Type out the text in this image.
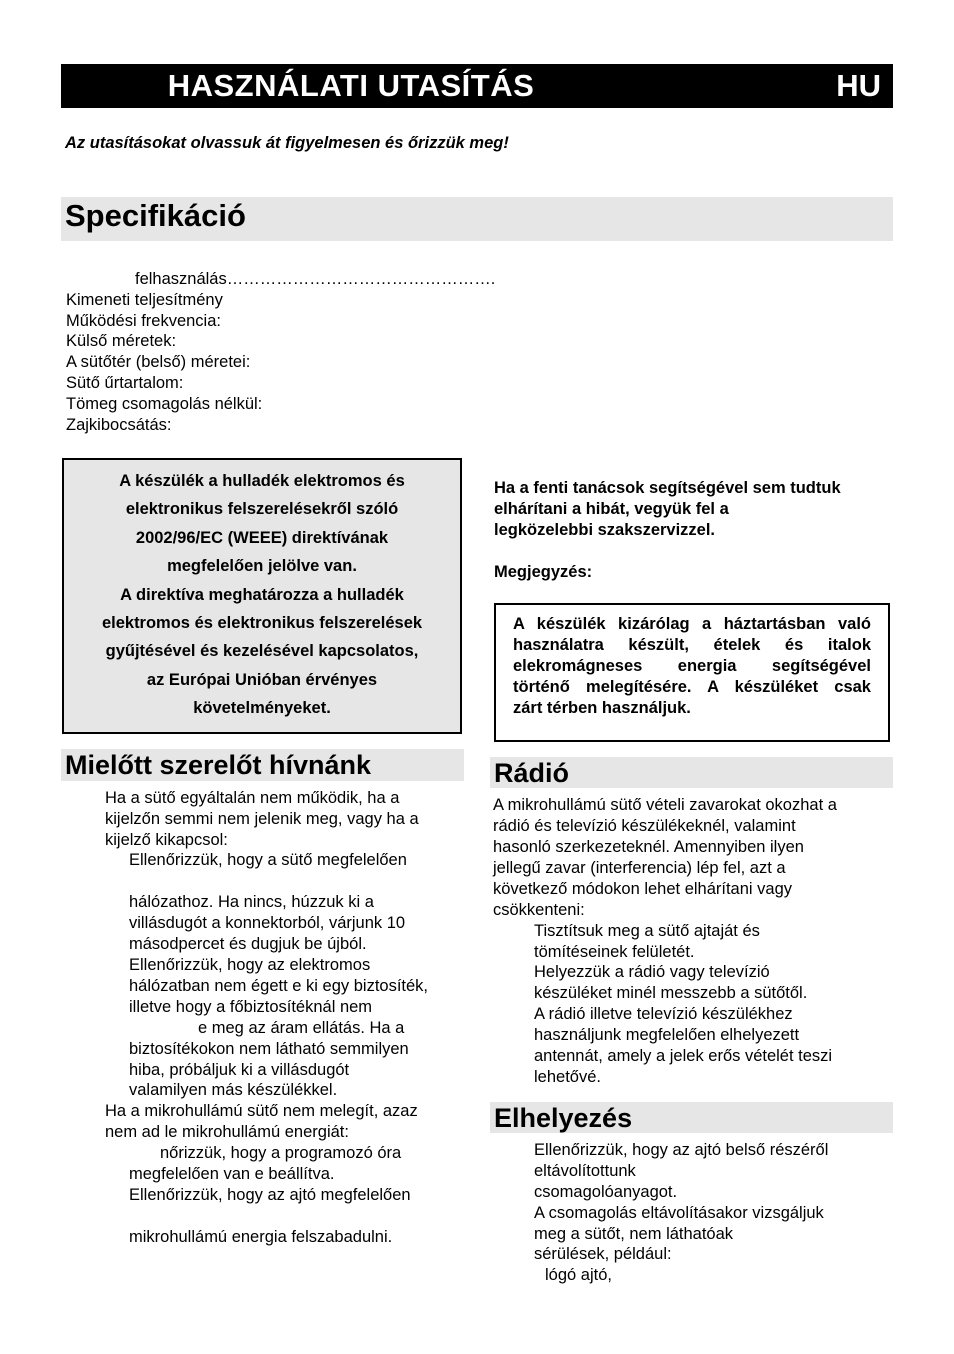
HASZNÁLATI UTASÍTÁS	HU
Az utasításokat olvassuk át figyelmesen és őrizzük meg!
Specifikáció
felhasználás………………………………………….
Kimeneti teljesítmény
Működési frekvencia:
Külső méretek:
A sütőtér (belső) méretei:
Sütő űrtartalom:
Tömeg csomagolás nélkül:
Zajkibocsátás:
A készülék a hulladék elektromos és
elektronikus felszerelésekről szóló
2002/96/EC (WEEE) direktívának
megfelelően jelölve van.
A direktíva meghatározza a hulladék
elektromos és elektronikus felszerelések
gyűjtésével és kezelésével kapcsolatos,
az Európai Unióban érvényes
követelményeket.
Ha a fenti tanácsok segítségével sem tudtuk
elhárítani a hibát, vegyük fel a
legközelebbi szakszervizzel.
Megjegyzés:
A készülék kizárólag a háztartásban való
használatra készült, ételek és italok
elekromágneses energia segítségével
történő melegítésére. A készüléket csak
zárt térben használjuk.
Mielőtt szerelőt hívnánk
Ha a sütő egyáltalán nem működik, ha a
kijelzőn semmi nem jelenik meg, vagy ha a
kijelző kikapcsol:
Ellenőrizzük, hogy a sütő megfelelően
hálózathoz. Ha nincs, húzzuk ki a
villásdugót a konnektorból, várjunk 10
másodpercet és dugjuk be újból.
Ellenőrizzük, hogy az elektromos
hálózatban nem égett e ki egy biztosíték,
illetve hogy a főbiztosítéknál nem
e meg az áram ellátás. Ha a
biztosítékokon nem látható semmilyen
hiba, próbáljuk ki a villásdugót
valamilyen más készülékkel.
Ha a mikrohullámú sütő nem melegít, azaz
nem ad le mikrohullámú energiát:
nőrizzük, hogy a programozó óra
megfelelően van e beállítva.
Ellenőrizzük, hogy az ajtó megfelelően
mikrohullámú energia felszabadulni.
Rádió
A mikrohullámú sütő vételi zavarokat okozhat a
rádió és televízió készülékeknél, valamint
hasonló szerkezeteknél. Amennyiben ilyen
jellegű zavar (interferencia) lép fel, azt a
következő módokon lehet elhárítani vagy
csökkenteni:
Tisztítsuk meg a sütő ajtaját és
tömítéseinek felületét.
Helyezzük a rádió vagy televízió
készüléket minél messzebb a sütőtől.
A rádió illetve televízió készülékhez
használjunk megfelelően elhelyezett
antennát, amely a jelek erős vételét teszi
lehetővé.
Elhelyezés
Ellenőrizzük, hogy az ajtó belső részéről
eltávolítottunk
csomagolóanyagot.
A csomagolás eltávolításakor vizsgáljuk
meg a sütőt, nem láthatóak
sérülések, például:
lógó ajtó,
